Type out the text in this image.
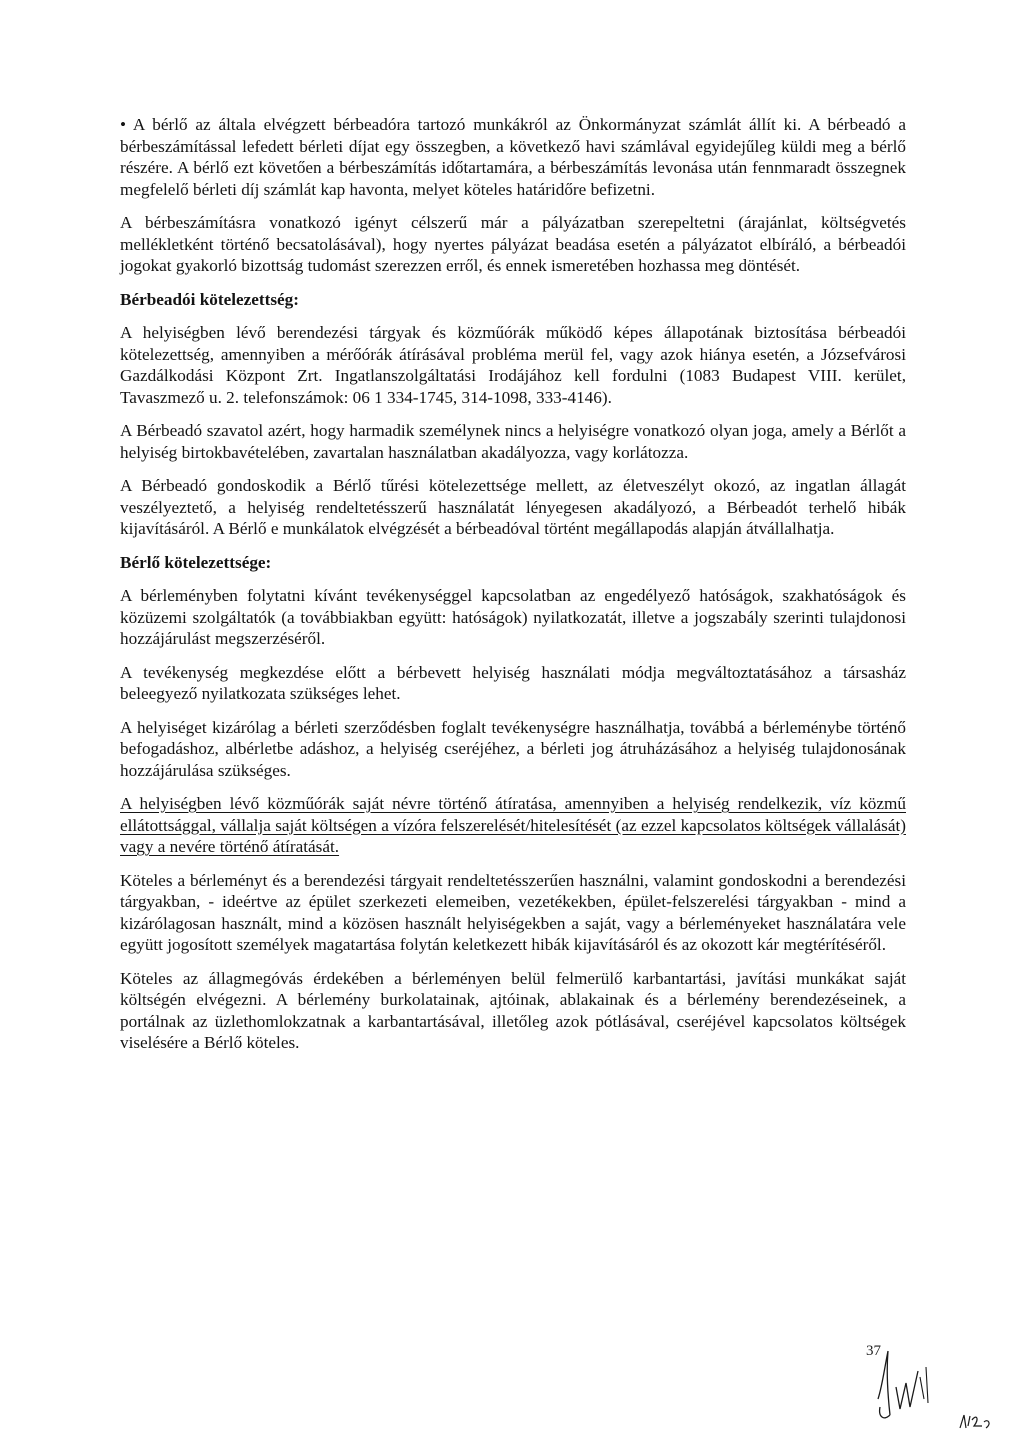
• A bérlő az általa elvégzett bérbeadóra tartozó munkákról az Önkormányzat számlát állít ki. A bérbeadó a bérbeszámítással lefedett bérleti díjat egy összegben, a következő havi számlával egyidejűleg küldi meg a bérlő részére. A bérlő ezt követően a bérbeszámítás időtartamára, a bérbeszámítás levonása után fennmaradt összegnek megfelelő bérleti díj számlát kap havonta, melyet köteles határidőre befizetni.

A bérbeszámításra vonatkozó igényt célszerű már a pályázatban szerepeltetni (árajánlat, költségvetés mellékletként történő becsatolásával), hogy nyertes pályázat beadása esetén a pályázatot elbíráló, a bérbeadói jogokat gyakorló bizottság tudomást szerezzen erről, és ennek ismeretében hozhassa meg döntését.

Bérbeadói kötelezettség:

A helyiségben lévő berendezési tárgyak és közműórák működő képes állapotának biztosítása bérbeadói kötelezettség, amennyiben a mérőórák átírásával probléma merül fel, vagy azok hiánya esetén, a Józsefvárosi Gazdálkodási Központ Zrt. Ingatlanszolgáltatási Irodájához kell fordulni (1083 Budapest VIII. kerület, Tavaszmező u. 2. telefonszámok: 06 1 334-1745, 314-1098, 333-4146).

A Bérbeadó szavatol azért, hogy harmadik személynek nincs a helyiségre vonatkozó olyan joga, amely a Bérlőt a helyiség birtokbavételében, zavartalan használatban akadályozza, vagy korlátozza.

A Bérbeadó gondoskodik a Bérlő tűrési kötelezettsége mellett, az életveszélyt okozó, az ingatlan állagát veszélyeztető, a helyiség rendeltetésszerű használatát lényegesen akadályozó, a Bérbeadót terhelő hibák kijavításáról. A Bérlő e munkálatok elvégzését a bérbeadóval történt megállapodás alapján átvállalhatja.

Bérlő kötelezettsége:

A bérleményben folytatni kívánt tevékenységgel kapcsolatban az engedélyező hatóságok, szakhatóságok és közüzemi szolgáltatók (a továbbiakban együtt: hatóságok) nyilatkozatát, illetve a jogszabály szerinti tulajdonosi hozzájárulást megszerzéséről.

A tevékenység megkezdése előtt a bérbevett helyiség használati módja megváltoztatásához a társasház beleegyező nyilatkozata szükséges lehet.

A helyiséget kizárólag a bérleti szerződésben foglalt tevékenységre használhatja, továbbá a bérleménybe történő befogadáshoz, albérletbe adáshoz, a helyiség cseréjéhez, a bérleti jog átruházásához a helyiség tulajdonosának hozzájárulása szükséges.

A helyiségben lévő közműórák saját névre történő átíratása, amennyiben a helyiség rendelkezik, víz közmű ellátottsággal, vállalja saját költségen a vízóra felszerelését/hitelesítését (az ezzel kapcsolatos költségek vállalását) vagy a nevére történő átíratását.

Köteles a bérleményt és a berendezési tárgyait rendeltetésszerűen használni, valamint gondoskodni a berendezési tárgyakban, - ideértve az épület szerkezeti elemeiben, vezetékekben, épület-felszerelési tárgyakban - mind a kizárólagosan használt, mind a közösen használt helyiségekben a saját, vagy a bérleményeket használatára vele együtt jogosított személyek magatartása folytán keletkezett hibák kijavításáról és az okozott kár megtérítéséről.

Köteles az állagmegóvás érdekében a bérleményen belül felmerülő karbantartási, javítási munkákat saját költségén elvégezni. A bérlemény burkolatainak, ajtóinak, ablakainak és a bérlemény berendezéseinek, a portálnak az üzlethomlokzatnak a karbantartásával, illetőleg azok pótlásával, cseréjével kapcsolatos költségek viselésére a Bérlő köteles.

37
